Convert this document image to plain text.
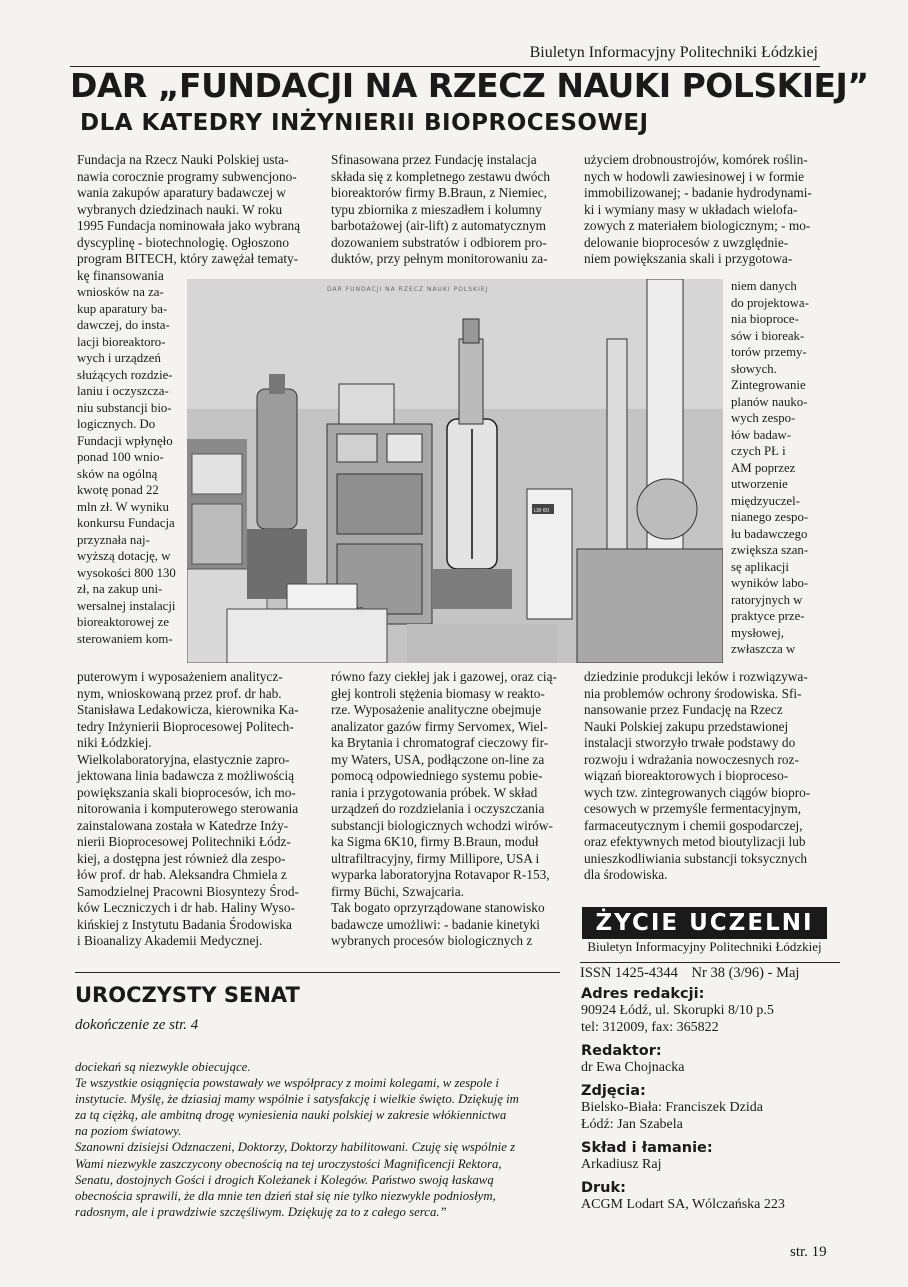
Biuletyn Informacyjny Politechniki Łódzkiej
DAR „FUNDACJI NA RZECZ NAUKI POLSKIEJ”
DLA KATEDRY INŻYNIERII BIOPROCESOWEJ

Fundacja na Rzecz Nauki Polskiej usta-

nawia corocznie programy subwencjono-

wania zakupów aparatury badawczej w

wybranych dziedzinach nauki. W roku

1995 Fundacja nominowała jako wybraną

dyscyplinę - biotechnologię. Ogłoszono

program BITECH, który zawężał tematy-

kę finansowania

wniosków na za-

kup aparatury ba-

dawczej, do insta-

lacji bioreaktoro-

wych i urządzeń

służących rozdzie-

laniu i oczyszcza-

niu substancji bio-

logicznych. Do

Fundacji wpłynęło

ponad 100 wnio-

sków na ogólną

kwotę ponad 22

mln zł. W wyniku

konkursu Fundacja

przyznała naj-

wyższą dotację, w

wysokości 800 130

zł, na zakup uni-

wersalnej instalacji

bioreaktorowej ze

sterowaniem kom-

puterowym i wyposażeniem analitycz-

nym, wnioskowaną przez prof. dr hab.

Stanisława Ledakowicza, kierownika Ka-

tedry Inżynierii Bioprocesowej Politech-

niki Łódzkiej.

Wielkolaboratoryjna, elastycznie zapro-

jektowana linia badawcza z możliwością

powiększania skali bioprocesów, ich mo-

nitorowania i komputerowego sterowania

zainstalowana została w Katedrze Inży-

nierii Bioprocesowej Politechniki Łódz-

kiej, a dostępna jest również dla zespo-

łów prof. dr hab. Aleksandra Chmiela z

Samodzielnej Pracowni Biosyntezy Środ-

ków Leczniczych i dr hab. Haliny Wyso-

kińskiej z Instytutu Badania Środowiska

i Bioanalizy Akademii Medycznej.

Sfinasowana przez Fundację instalacja

składa się z kompletnego zestawu dwóch

bioreaktorów firmy B.Braun, z Niemiec,

typu zbiornika z mieszadłem i kolumny

barbotażowej (air-lift) z automatycznym

dozowaniem substratów i odbiorem pro-

duktów, przy pełnym monitorowaniu za-

równo fazy ciekłej jak i gazowej, oraz cią-

głej kontroli stężenia biomasy w reakto-

rze. Wyposażenie analityczne obejmuje

analizator gazów firmy Servomex, Wiel-

ka Brytania i chromatograf cieczowy fir-

my Waters, USA, podłączone on-line za

pomocą odpowiedniego systemu pobie-

rania i przygotowania próbek. W skład

urządzeń do rozdzielania i oczyszczania

substancji biologicznych wchodzi wirów-

ka Sigma 6K10, firmy B.Braun, moduł

ultrafiltracyjny, firmy Millipore, USA i

wyparka laboratoryjna Rotavapor R-153,

firmy Büchi, Szwajcaria.

Tak bogato oprzyrządowane stanowisko

badawcze umożliwi: - badanie kinetyki

wybranych procesów biologicznych z

użyciem drobnoustrojów, komórek roślin-

nych w hodowli zawiesinowej i w formie

immobilizowanej; - badanie hydrodynami-

ki i wymiany masy w układach wielofa-

zowych z materiałem biologicznym; - mo-

delowanie bioprocesów z uwzględnie-

niem powiększania skali i przygotowa-

niem danych

do projektowa-

nia bioproce-

sów i bioreak-

torów przemy-

słowych.

Zintegrowanie

planów nauko-

wych zespo-

łów badaw-

czych PŁ i

AM poprzez

utworzenie

międzyuczel-

nianego zespo-

łu badawczego

zwiększa szan-

sę aplikacji

wyników labo-

ratoryjnych w

praktyce prze-

mysłowej,

zwłaszcza w

dziedzinie produkcji leków i rozwiązywa-

nia problemów ochrony środowiska. Sfi-

nansowanie przez Fundację na Rzecz

Nauki Polskiej zakupu przedstawionej

instalacji stworzyło trwałe podstawy do

rozwoju i wdrażania nowoczesnych roz-

wiązań bioreaktorowych i bioproceso-

wych tzw. zintegrowanych ciągów biopro-

cesowych w przemyśle fermentacyjnym,

farmaceutycznym i chemii gospodarczej,

oraz efektywnych metod bioutylizacji lub

unieszkodliwiania substancji toksycznych

dla środowiska.

LW 60
DAR FUNDACJI NA RZECZ NAUKI POLSKIEJ
ŻYCIE UCZELNI
Biuletyn Informacyjny Politechniki Łódzkiej
ISSN 1425-4344 Nr 38 (3/96) - Maj

Adres redakcji:

90924 Łódź, ul. Skorupki 8/10 p.5

tel: 312009, fax: 365822

Redaktor:

dr Ewa Chojnacka

Zdjęcia:

Bielsko-Biała: Franciszek Dzida

Łódź: Jan Szabela

Skład i łamanie:

Arkadiusz Raj

Druk:

ACGM Lodart SA, Wólczańska 223

UROCZYSTY SENAT
dokończenie ze str. 4

dociekań są niezwykle obiecujące.

Te wszystkie osiągnięcia powstawały we współpracy z moimi kolegami, w zespole i

instytucie. Myślę, że dziasiaj mamy wspólnie i satysfakcję i wielkie święto. Dziękuję im

za tą ciężką, ale ambitną drogę wyniesienia nauki polskiej w zakresie włókiennictwa

na poziom światowy.

Szanowni dzisiejsi Odznaczeni, Doktorzy, Doktorzy habilitowani. Czuję się wspólnie z

Wami niezwykle zaszczycony obecnością na tej uroczystości Magnificencji Rektora,

Senatu, dostojnych Gości i drogich Koleżanek i Kolegów. Państwo swoją łaskawą

obecnościa sprawili, że dla mnie ten dzień stał się nie tylko niezwykle podniosłym,

radosnym, ale i prawdziwie szczęśliwym. Dziękuję za to z całego serca.”

str. 19
